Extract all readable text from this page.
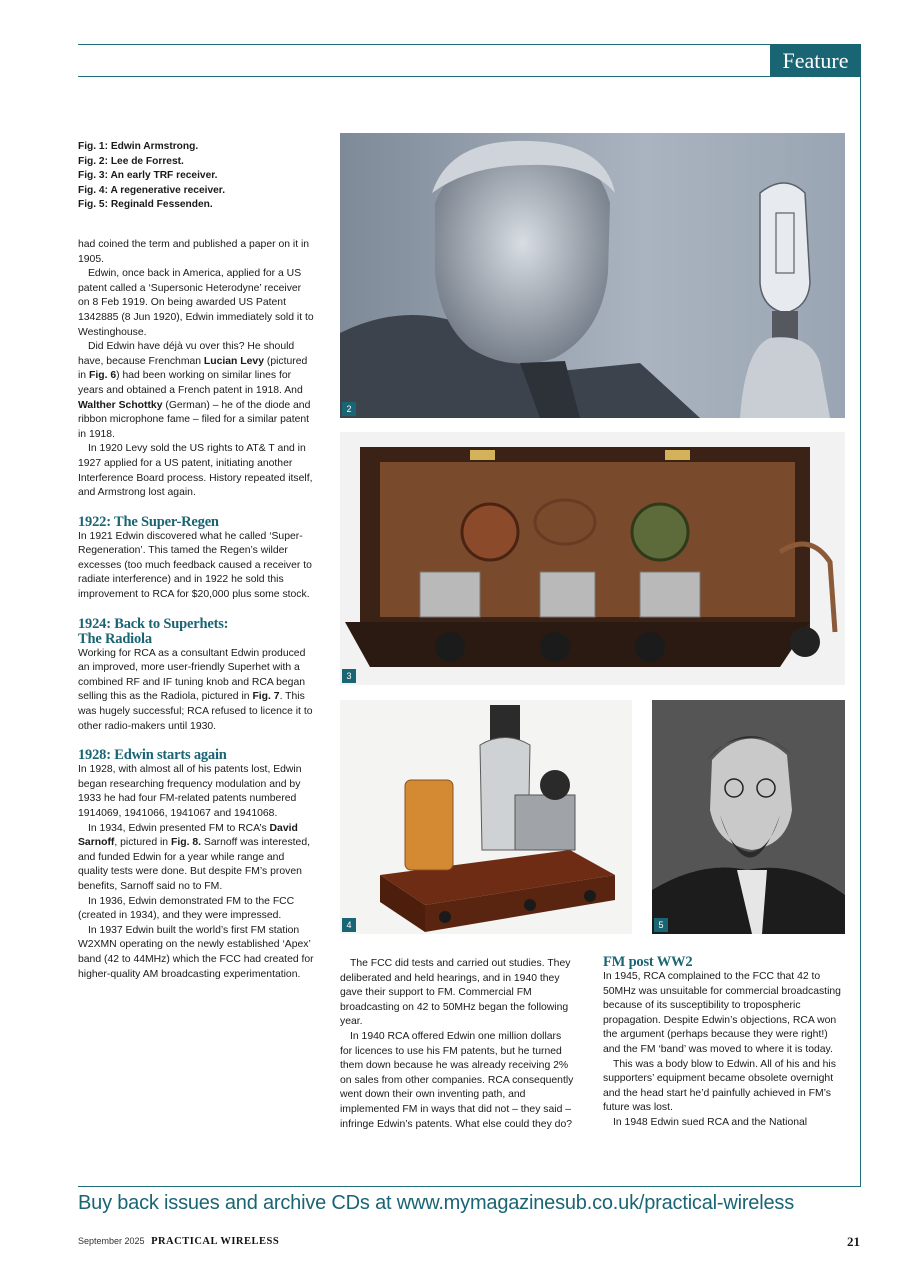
Feature
Fig. 1: Edwin Armstrong.
Fig. 2: Lee de Forrest.
Fig. 3: An early TRF receiver.
Fig. 4: A regenerative receiver.
Fig. 5: Reginald Fessenden.

had coined the term and published a paper on it in 1905.

Edwin, once back in America, applied for a US patent called a ‘Supersonic Heterodyne’ receiver on 8 Feb 1919. On being awarded US Patent 1342885 (8 Jun 1920), Edwin immediately sold it to Westinghouse.

Did Edwin have déjà vu over this? He should have, because Frenchman Lucian Levy (pictured in Fig. 6) had been working on similar lines for years and obtained a French patent in 1918. And Walther Schottky (German) – he of the diode and ribbon microphone fame – filed for a similar patent in 1918.

In 1920 Levy sold the US rights to AT& T and in 1927 applied for a US patent, initiating another Interference Board process. History repeated itself, and Armstrong lost again.

1922: The Super-Regen

In 1921 Edwin discovered what he called ‘Super-Regeneration’. This tamed the Regen’s wilder excesses (too much feedback caused a receiver to radiate interference) and in 1922 he sold this improvement to RCA for $20,000 plus some stock.

1924: Back to Superhets:
The Radiola

Working for RCA as a consultant Edwin produced an improved, more user-friendly Superhet with a combined RF and IF tuning knob and RCA began selling this as the Radiola, pictured in Fig. 7. This was hugely successful; RCA refused to licence it to other radio-makers until 1930.

1928: Edwin starts again

In 1928, with almost all of his patents lost, Edwin began researching frequency modulation and by 1933 he had four FM-related patents numbered 1914069, 1941066, 1941067 and 1941068.

In 1934, Edwin presented FM to RCA’s David Sarnoff, pictured in Fig. 8. Sarnoff was interested, and funded Edwin for a year while range and quality tests were done. But despite FM’s proven benefits, Sarnoff said no to FM.

In 1936, Edwin demonstrated FM to the FCC (created in 1934), and they were impressed.

In 1937 Edwin built the world’s first FM station W2XMN operating on the newly established ‘Apex’ band (42 to 44MHz) which the FCC had created for higher-quality AM broadcasting experimentation.

2
3
4	5

The FCC did tests and carried out studies. They deliberated and held hearings, and in 1940 they gave their support to FM. Commercial FM broadcasting on 42 to 50MHz began the following year.

In 1940 RCA offered Edwin one million dollars for licences to use his FM patents, but he turned them down because he was already receiving 2% on sales from other companies. RCA consequently went down their own inventing path, and implemented FM in ways that did not – they said – infringe Edwin’s patents. What else could they do?

FM post WW2

In 1945, RCA complained to the FCC that 42 to 50MHz was unsuitable for commercial broadcasting because of its susceptibility to tropospheric propagation. Despite Edwin’s objections, RCA won the argument (perhaps because they were right!) and the FM ‘band’ was moved to where it is today.

This was a body blow to Edwin. All of his and his supporters’ equipment became obsolete overnight and the head start he’d painfully achieved in FM’s future was lost.

In 1948 Edwin sued RCA and the National

Buy back issues and archive CDs at www.mymagazinesub.co.uk/practical-wireless
September 2025 PRACTICAL WIRELESS	21
